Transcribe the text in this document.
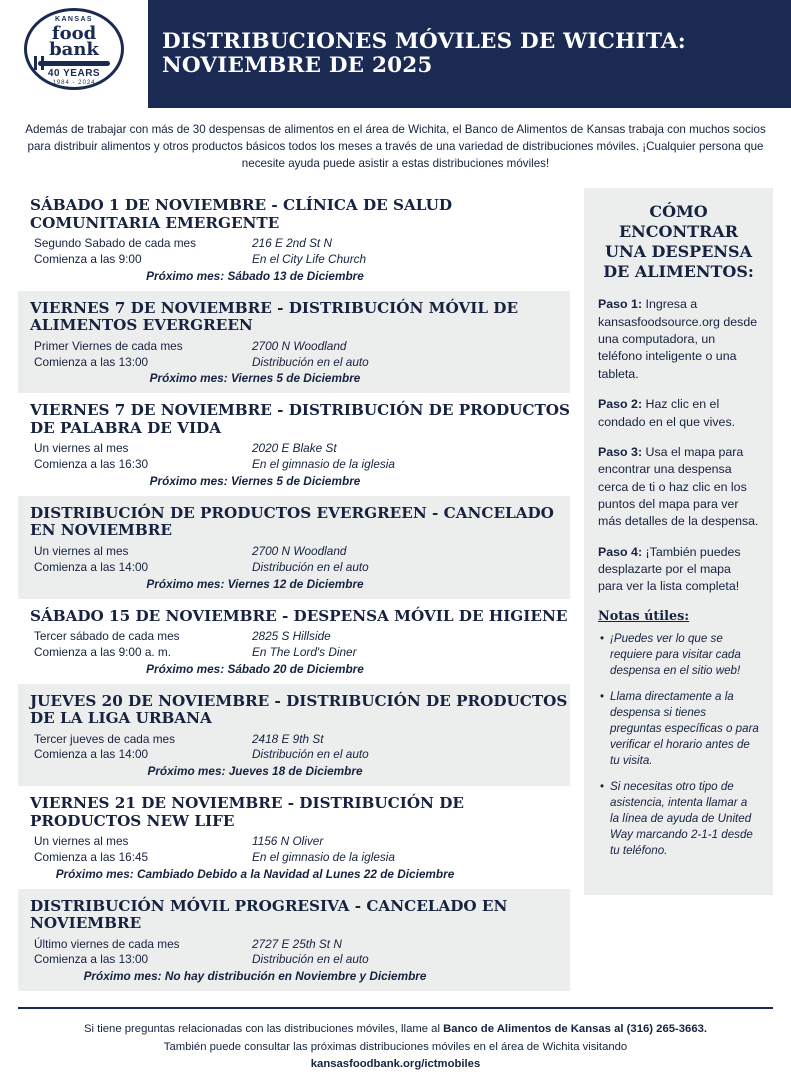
KANSAS
food
bank
40 YEARS
1984 - 2024
DISTRIBUCIONES MÓVILES DE WICHITA: NOVIEMBRE DE 2025
Además de trabajar con más de 30 despensas de alimentos en el área de Wichita, el Banco de Alimentos de Kansas trabaja con muchos socios para distribuir alimentos y otros productos básicos todos los meses a través de una variedad de distribuciones móviles. ¡Cualquier persona que necesite ayuda puede asistir a estas distribuciones móviles!
SÁBADO 1 DE NOVIEMBRE - CLÍNICA DE SALUD COMUNITARIA EMERGENTE
Segundo Sabado de cada mes
Comienza a las 9:00
216 E 2nd St N
En el City Life Church
Próximo mes: Sábado 13 de Diciembre
VIERNES 7 DE NOVIEMBRE - DISTRIBUCIÓN MÓVIL DE ALIMENTOS EVERGREEN
Primer Viernes de cada mes
Comienza a las 13:00
2700 N Woodland
Distribución en el auto
Próximo mes: Viernes 5 de Diciembre
VIERNES 7 DE NOVIEMBRE - DISTRIBUCIÓN DE PRODUCTOS DE PALABRA DE VIDA
Un viernes al mes
Comienza a las 16:30
2020 E Blake St
En el gimnasio de la iglesia
Próximo mes: Viernes 5 de Diciembre
DISTRIBUCIÓN DE PRODUCTOS EVERGREEN - CANCELADO EN NOVIEMBRE
Un viernes al mes
Comienza a las 14:00
2700 N Woodland
Distribución en el auto
Próximo mes: Viernes 12 de Diciembre
SÁBADO 15 DE NOVIEMBRE - DESPENSA MÓVIL DE HIGIENE
Tercer sábado de cada mes
Comienza a las 9:00 a. m.
2825 S Hillside
En The Lord's Diner
Próximo mes: Sábado 20 de Diciembre
JUEVES 20 DE NOVIEMBRE - DISTRIBUCIÓN DE PRODUCTOS DE LA LIGA URBANA
Tercer jueves de cada mes
Comienza a las 14:00
2418 E 9th St
Distribución en el auto
Próximo mes: Jueves 18 de Diciembre
VIERNES 21 DE NOVIEMBRE - DISTRIBUCIÓN DE PRODUCTOS NEW LIFE
Un viernes al mes
Comienza a las 16:45
1156 N Oliver
En el gimnasio de la iglesia
Próximo mes: Cambiado Debido a la Navidad al Lunes 22 de Diciembre
DISTRIBUCIÓN MÓVIL PROGRESIVA - CANCELADO EN NOVIEMBRE
Último viernes de cada mes
Comienza a las 13:00
2727 E 25th St N
Distribución en el auto
Próximo mes: No hay distribución en Noviembre y Diciembre
CÓMO ENCONTRAR UNA DESPENSA DE ALIMENTOS:
Paso 1: Ingresa a kansasfoodsource.org desde una computadora, un teléfono inteligente o una tableta.
Paso 2: Haz clic en el condado en el que vives.
Paso 3: Usa el mapa para encontrar una despensa cerca de ti o haz clic en los puntos del mapa para ver más detalles de la despensa.
Paso 4: ¡También puedes desplazarte por el mapa para ver la lista completa!
Notas útiles:
• ¡Puedes ver lo que se requiere para visitar cada despensa en el sitio web!
• Llama directamente a la despensa si tienes preguntas específicas o para verificar el horario antes de tu visita.
• Si necesitas otro tipo de asistencia, intenta llamar a la línea de ayuda de United Way marcando 2-1-1 desde tu teléfono.
Si tiene preguntas relacionadas con las distribuciones móviles, llame al Banco de Alimentos de Kansas al (316) 265-3663.
También puede consultar las próximas distribuciones móviles en el área de Wichita visitando
kansasfoodbank.org/ictmobiles
